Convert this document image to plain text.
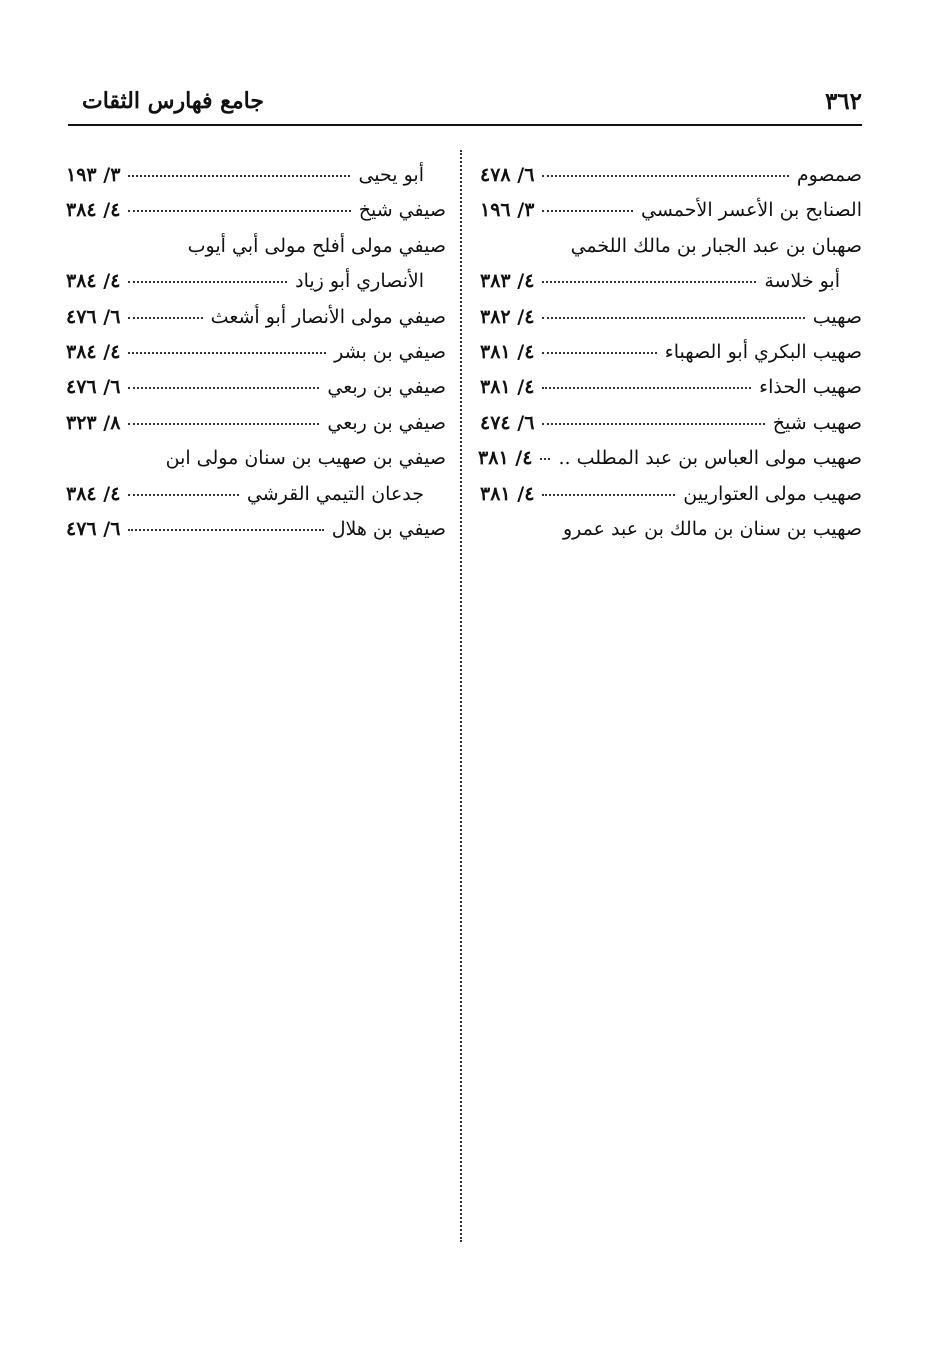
٣٦٢
جامع فهارس الثقات
صمصوم
٦/ ٤٧٨
الصنابح بن الأعسر الأحمسي
٣/ ١٩٦
صهبان بن عبد الجبار بن مالك اللخمي
أبو خلاسة
٤/ ٣٨٣
صهيب
٤/ ٣٨٢
صهيب البكري أبو الصهباء
٤/ ٣٨١
صهيب الحذاء
٤/ ٣٨١
صهيب شيخ
٦/ ٤٧٤
صهيب مولى العباس بن عبد المطلب ..
٤/ ٣٨١
صهيب مولى العتواريين
٤/ ٣٨١
صهيب بن سنان بن مالك بن عبد عمرو
أبو يحيى
٣/ ١٩٣
صيفي شيخ
٤/ ٣٨٤
صيفي مولى أفلح مولى أبي أيوب
الأنصاري أبو زياد
٤/ ٣٨٤
صيفي مولى الأنصار أبو أشعث
٦/ ٤٧٦
صيفي بن بشر
٤/ ٣٨٤
صيفي بن ربعي
٦/ ٤٧٦
صيفي بن ربعي
٨/ ٣٢٣
صيفي بن صهيب بن سنان مولى ابن
جدعان التيمي القرشي
٤/ ٣٨٤
صيفي بن هلال
٦/ ٤٧٦
